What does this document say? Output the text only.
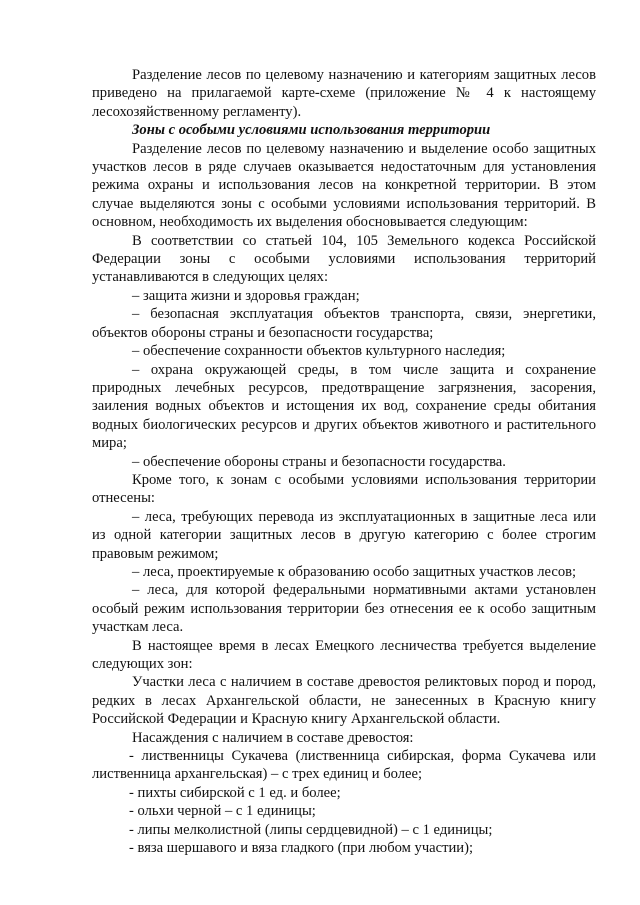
Разделение лесов по целевому назначению и категориям защитных лесов приведено на прилагаемой карте-схеме (приложение № 4 к настоящему лесохозяйственному регламенту).

Зоны с особыми условиями использования территории

Разделение лесов по целевому назначению и выделение особо защитных участков лесов в ряде случаев оказывается недостаточным для установления режима охраны и использования лесов на конкретной территории. В этом случае выделяются зоны с особыми условиями использования территорий. В основном, необходимость их выделения обосновывается следующим:

В соответствии со статьей 104, 105 Земельного кодекса Российской Федерации зоны с особыми условиями использования территорий устанавливаются в следующих целях:

– защита жизни и здоровья граждан;

– безопасная эксплуатация объектов транспорта, связи, энергетики, объектов обороны страны и безопасности государства;

– обеспечение сохранности объектов культурного наследия;

– охрана окружающей среды, в том числе защита и сохранение природных лечебных ресурсов, предотвращение загрязнения, засорения, заиления водных объектов и истощения их вод, сохранение среды обитания водных биологических ресурсов и других объектов животного и растительного мира;

– обеспечение обороны страны и безопасности государства.

Кроме того, к зонам с особыми условиями использования территории отнесены:

– леса, требующих перевода из эксплуатационных в защитные леса или из одной категории защитных лесов в другую категорию с более строгим правовым режимом;

– леса, проектируемые к образованию особо защитных участков лесов;

– леса, для которой федеральными нормативными актами установлен особый режим использования территории без отнесения ее к особо защитным участкам леса.

В настоящее время в лесах Емецкого лесничества требуется выделение следующих зон:

Участки леса с наличием в составе древостоя реликтовых пород и пород, редких в лесах Архангельской области, не занесенных в Красную книгу Российской Федерации и Красную книгу Архангельской области.

Насаждения с наличием в составе древостоя:

- лиственницы Сукачева (лиственница сибирская, форма Сукачева или лиственница архангельская) – с трех единиц и более;

- пихты сибирской с 1 ед. и более;

- ольхи черной – с 1 единицы;

- липы мелколистной (липы сердцевидной) – с 1 единицы;

- вяза шершавого и вяза гладкого (при любом участии);
